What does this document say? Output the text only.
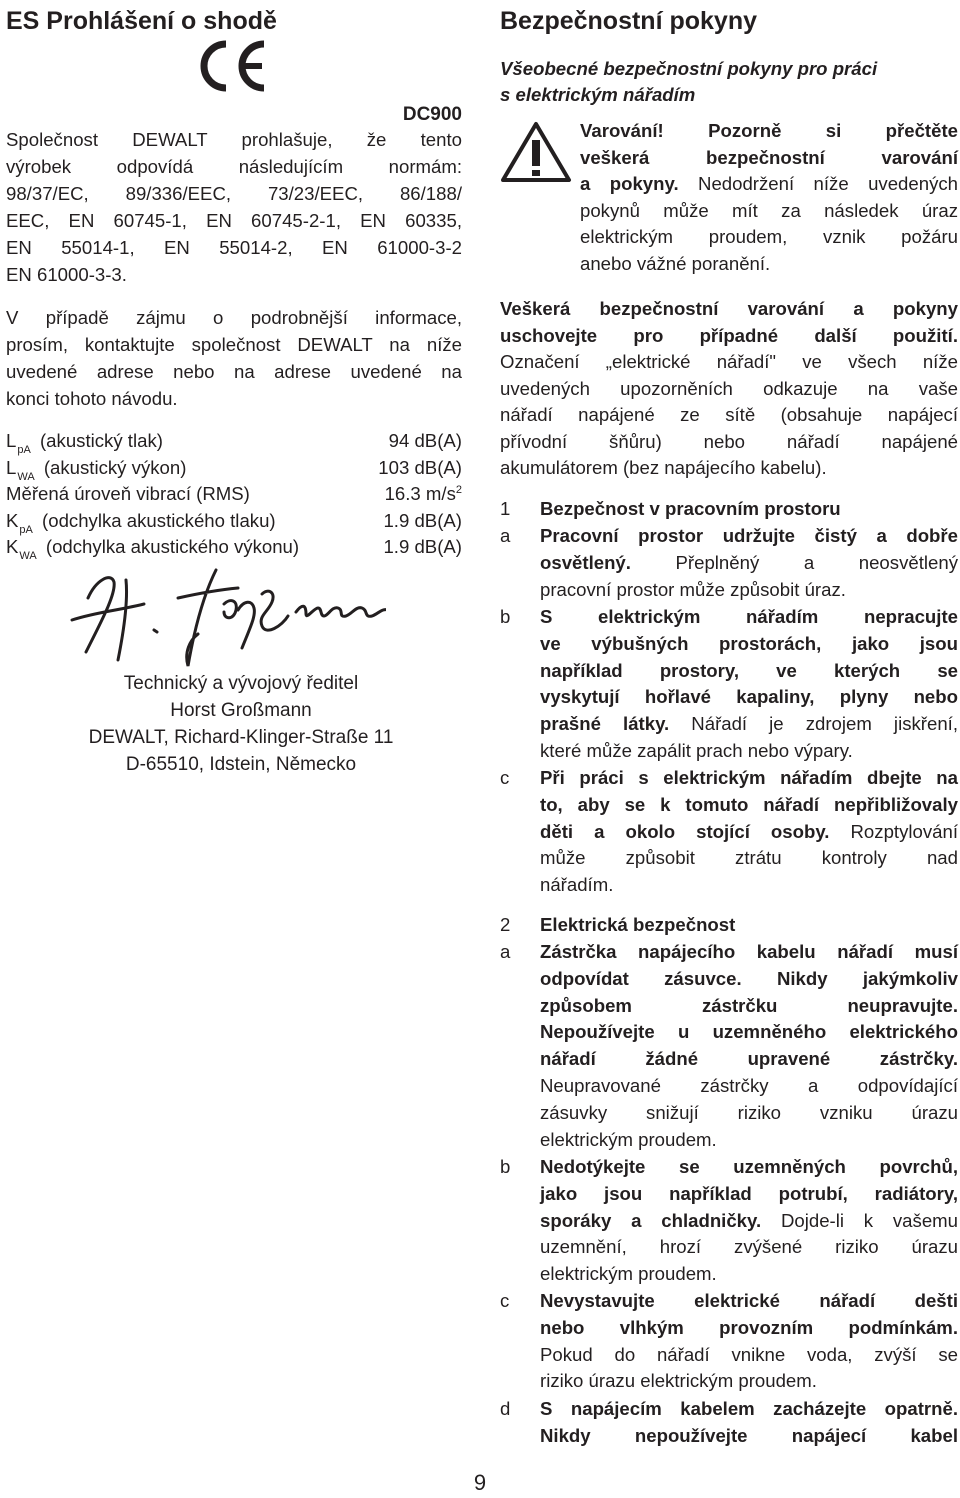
ES Prohlášení o shodě
DC900
Společnost DEWALT prohlašuje, že tento
výrobek odpovídá následujícím normám:
98/37/EC, 89/336/EEC, 73/23/EEC, 86/188/
EEC, EN 60745-1, EN 60745-2-1, EN 60335,
EN 55014-1, EN 55014-2, EN 61000-3-2
EN 61000-3-3.
V případě zájmu o podrobnější informace,
prosím, kontaktujte společnost DEWALT na níže
uvedené adrese nebo na adrese uvedené na
konci tohoto návodu.
$L_{pA}$ (akustický tlak)	94 dB(A)
$L_{WA}$ (akustický výkon)	103 dB(A)
Měřená úroveň vibrací (RMS)	16.3 $m/s^2$
$K_{pA}$ (odchylka akustického tlaku)	1.9 dB(A)
$K_{WA}$ (odchylka akustického výkonu)	1.9 dB(A)
Technický a vývojový ředitel
Horst Großmann
DEWALT, Richard-Klinger-Straße 11
D-65510, Idstein, Německo
Bezpečnostní pokyny
Všeobecné bezpečnostní pokyny pro práci
s elektrickým nářadím
Varování! Pozorně si přečtěte
veškerá bezpečnostní varování
a pokyny. Nedodržení níže uvedených
pokynů může mít za následek úraz
elektrickým proudem, vznik požáru
anebo vážné poranění.
Veškerá bezpečnostní varování a pokyny
uschovejte pro případné další použití.
Označení „elektrické nářadí" ve všech níže
uvedených upozorněních odkazuje na vaše
nářadí napájené ze sítě (obsahuje napájecí
přívodní šňůru) nebo nářadí napájené
akumulátorem (bez napájecího kabelu).
1	Bezpečnost v pracovním prostoru
a	Pracovní prostor udržujte čistý a dobře
osvětlený. Přeplněný a neosvětlený
pracovní prostor může způsobit úraz.
b	S elektrickým nářadím nepracujte
ve výbušných prostorách, jako jsou
například prostory, ve kterých se
vyskytují hořlavé kapaliny, plyny nebo
prašné látky. Nářadí je zdrojem jiskření,
které může zapálit prach nebo výpary.
c	Při práci s elektrickým nářadím dbejte na
to, aby se k tomuto nářadí nepřibližovaly
děti a okolo stojící osoby. Rozptylování
může způsobit ztrátu kontroly nad
nářadím.
2	Elektrická bezpečnost
a	Zástrčka napájecího kabelu nářadí musí
odpovídat zásuvce. Nikdy jakýmkoliv
způsobem zástrčku neupravujte.
Nepoužívejte u uzemněného elektrického
nářadí žádné upravené zástrčky.
Neupravované zástrčky a odpovídající
zásuvky snižují riziko vzniku úrazu
elektrickým proudem.
b	Nedotýkejte se uzemněných povrchů,
jako jsou například potrubí, radiátory,
sporáky a chladničky. Dojde-li k vašemu
uzemnění, hrozí zvýšené riziko úrazu
elektrickým proudem.
c	Nevystavujte elektrické nářadí dešti
nebo vlhkým provozním podmínkám.
Pokud do nářadí vnikne voda, zvýší se
riziko úrazu elektrickým proudem.
d	S napájecím kabelem zacházejte opatrně.
Nikdy nepoužívejte napájecí kabel
9
